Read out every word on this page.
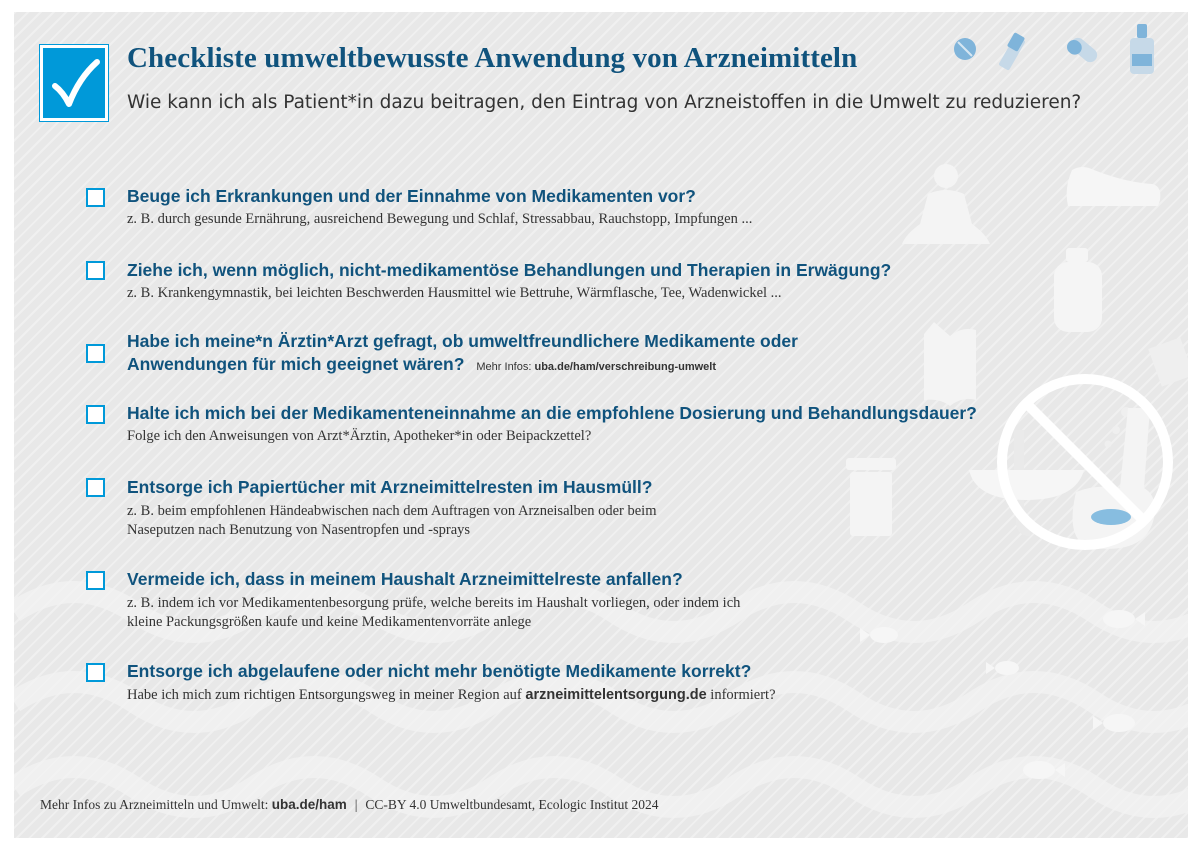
Checkliste umweltbewusste Anwendung von Arzneimitteln

Wie kann ich als Patient*in dazu beitragen, den Eintrag von Arzneistoffen in die Umwelt zu reduzieren?

Beuge ich Erkrankungen und der Einnahme von Medikamenten vor?

z. B. durch gesunde Ernährung, ausreichend Bewegung und Schlaf, Stressabbau, Rauchstopp, Impfungen ...

Ziehe ich, wenn möglich, nicht-medikamentöse Behandlungen und Therapien in Erwägung?

z. B. Krankengymnastik, bei leichten Beschwerden Hausmittel wie Bettruhe, Wärmflasche, Tee, Wadenwickel ...

Habe ich meine*n Ärztin*Arzt gefragt, ob umweltfreundlichere Medikamente oder

Anwendungen für mich geeignet wären? Mehr Infos: uba.de/ham/verschreibung-umwelt

Halte ich mich bei der Medikamenteneinnahme an die empfohlene Dosierung und Behandlungsdauer?

Folge ich den Anweisungen von Arzt*Ärztin, Apotheker*in oder Beipackzettel?

Entsorge ich Papiertücher mit Arzneimittelresten im Hausmüll?

z. B. beim empfohlenen Händeabwischen nach dem Auftragen von Arzneisalben oder beim

Naseputzen nach Benutzung von Nasentropfen und -sprays

Vermeide ich, dass in meinem Haushalt Arzneimittelreste anfallen?

z. B. indem ich vor Medikamentenbesorgung prüfe, welche bereits im Haushalt vorliegen, oder indem ich

kleine Packungsgrößen kaufe und keine Medikamentenvorräte anlege

Entsorge ich abgelaufene oder nicht mehr benötigte Medikamente korrekt?

Habe ich mich zum richtigen Entsorgungsweg in meiner Region auf arzneimittelentsorgung.de informiert?

Mehr Infos zu Arzneimitteln und Umwelt: uba.de/ham | CC-BY 4.0 Umweltbundesamt, Ecologic Institut 2024
